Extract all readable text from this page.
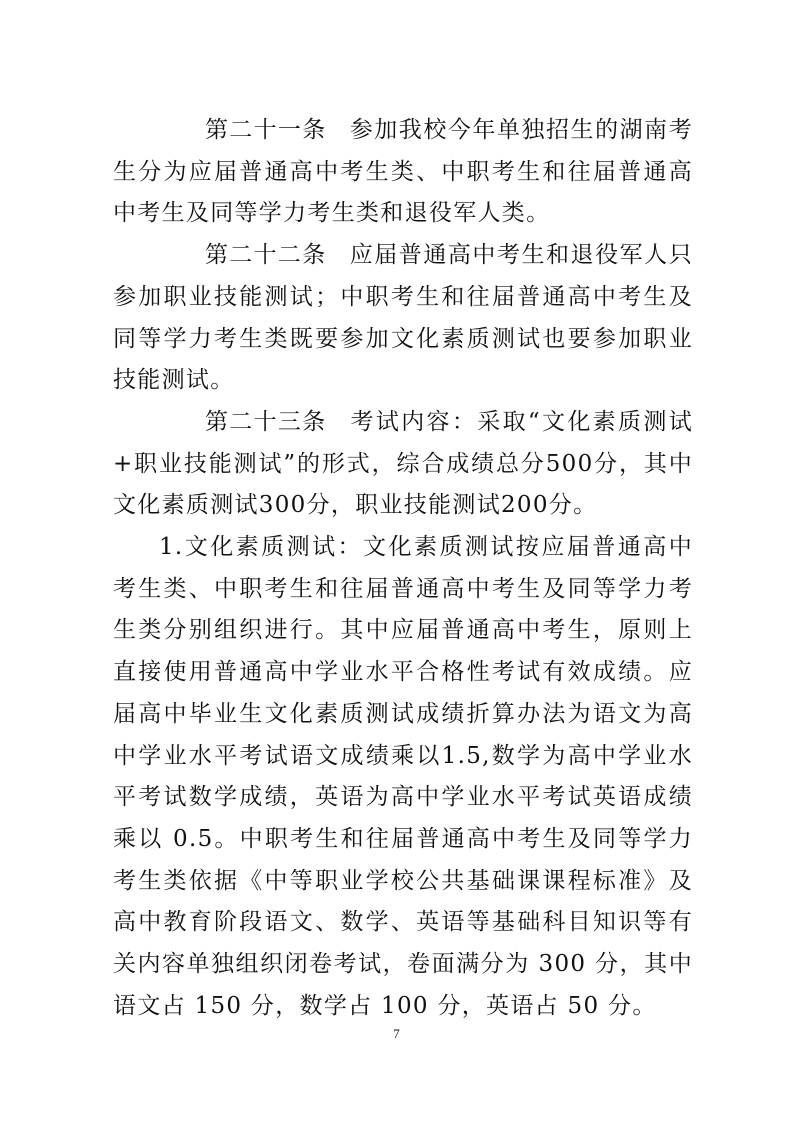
第二十一条 参加我校今年单独招生的湖南考生分为应届普通高中考生类、中职考生和往届普通高中考生及同等学力考生类和退役军人类。

第二十二条 应届普通高中考生和退役军人只参加职业技能测试；中职考生和往届普通高中考生及同等学力考生类既要参加文化素质测试也要参加职业技能测试。

第二十三条 考试内容：采取“文化素质测试+职业技能测试”的形式，综合成绩总分500分，其中文化素质测试300分，职业技能测试200分。

1.文化素质测试：文化素质测试按应届普通高中考生类、中职考生和往届普通高中考生及同等学力考生类分别组织进行。其中应届普通高中考生，原则上直接使用普通高中学业水平合格性考试有效成绩。应届高中毕业生文化素质测试成绩折算办法为语文为高中学业水平考试语文成绩乘以1.5,数学为高中学业水平考试数学成绩，英语为高中学业水平考试英语成绩乘以 0.5。中职考生和往届普通高中考生及同等学力考生类依据《中等职业学校公共基础课课程标准》及高中教育阶段语文、数学、英语等基础科目知识等有关内容单独组织闭卷考试，卷面满分为 300 分，其中语文占 150 分，数学占 100 分，英语占 50 分。

7
